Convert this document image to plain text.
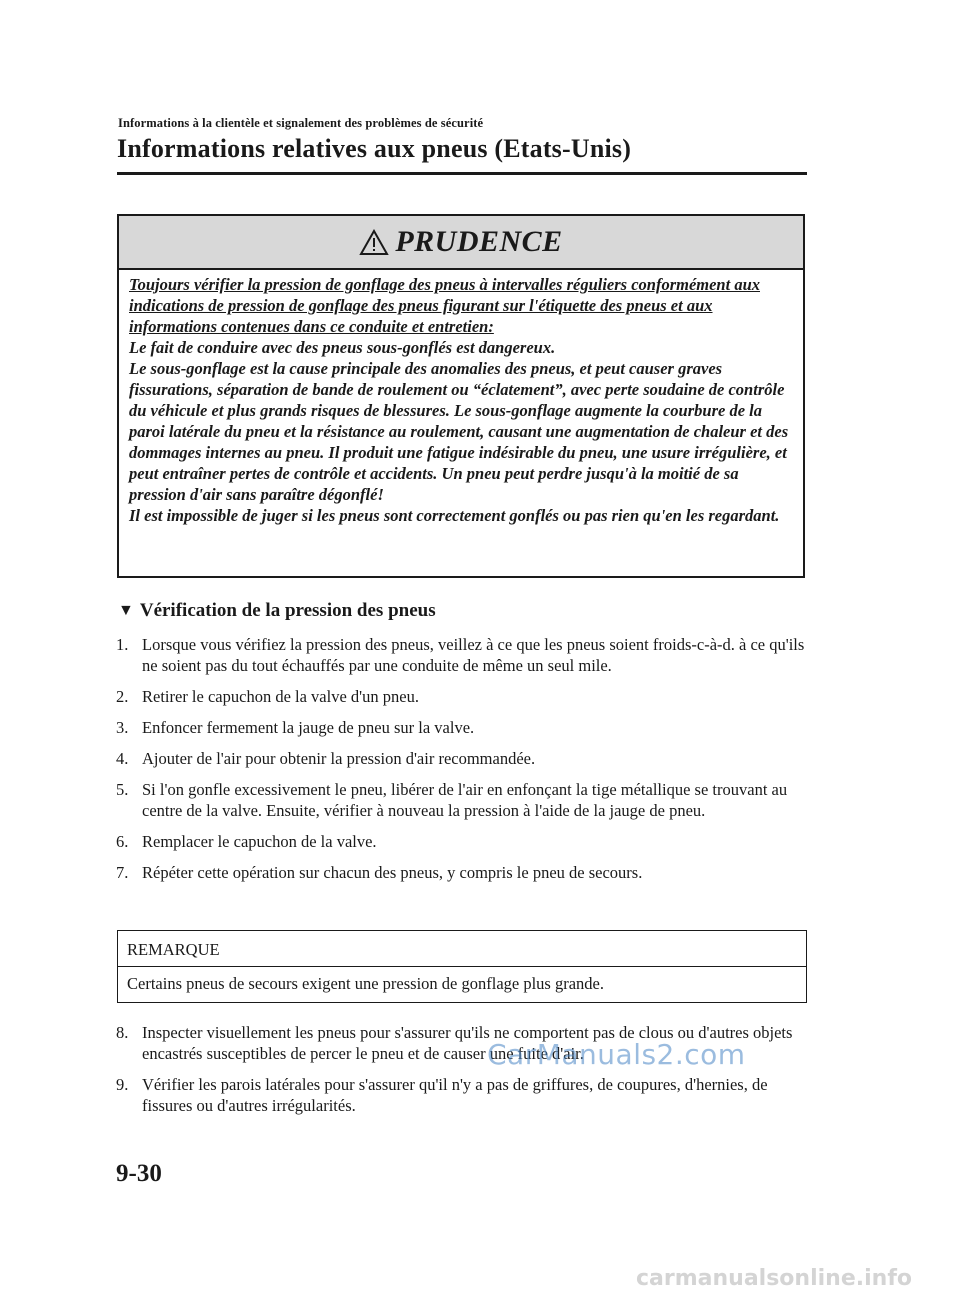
Informations à la clientèle et signalement des problèmes de sécurité
Informations relatives aux pneus (Etats-Unis)
PRUDENCE

Toujours vérifier la pression de gonflage des pneus à intervalles réguliers conformément aux indications de pression de gonflage des pneus figurant sur l'étiquette des pneus et aux informations contenues dans ce conduite et entretien:

Le fait de conduire avec des pneus sous-gonflés est dangereux.

Le sous-gonflage est la cause principale des anomalies des pneus, et peut causer graves fissurations, séparation de bande de roulement ou “éclatement”, avec perte soudaine de contrôle du véhicule et plus grands risques de blessures. Le sous-gonflage augmente la courbure de la paroi latérale du pneu et la résistance au roulement, causant une augmentation de chaleur et des dommages internes au pneu. Il produit une fatigue indésirable du pneu, une usure irrégulière, et peut entraîner pertes de contrôle et accidents. Un pneu peut perdre jusqu'à la moitié de sa pression d'air sans paraître dégonflé!

Il est impossible de juger si les pneus sont correctement gonflés ou pas rien qu'en les regardant.

▼ Vérification de la pression des pneus
1. Lorsque vous vérifiez la pression des pneus, veillez à ce que les pneus soient froids-c-à-d. à ce qu'ils ne soient pas du tout échauffés par une conduite de même un seul mile.
2. Retirer le capuchon de la valve d'un pneu.
3. Enfoncer fermement la jauge de pneu sur la valve.
4. Ajouter de l'air pour obtenir la pression d'air recommandée.
5. Si l'on gonfle excessivement le pneu, libérer de l'air en enfonçant la tige métallique se trouvant au centre de la valve. Ensuite, vérifier à nouveau la pression à l'aide de la jauge de pneu.
6. Remplacer le capuchon de la valve.
7. Répéter cette opération sur chacun des pneus, y compris le pneu de secours.
REMARQUE
Certains pneus de secours exigent une pression de gonflage plus grande.
8. Inspecter visuellement les pneus pour s'assurer qu'ils ne comportent pas de clous ou d'autres objets encastrés susceptibles de percer le pneu et de causer une fuite d'air.
9. Vérifier les parois latérales pour s'assurer qu'il n'y a pas de griffures, de coupures, d'hernies, de fissures ou d'autres irrégularités.
CarManuals2.com
9-30
carmanualsonline.info
